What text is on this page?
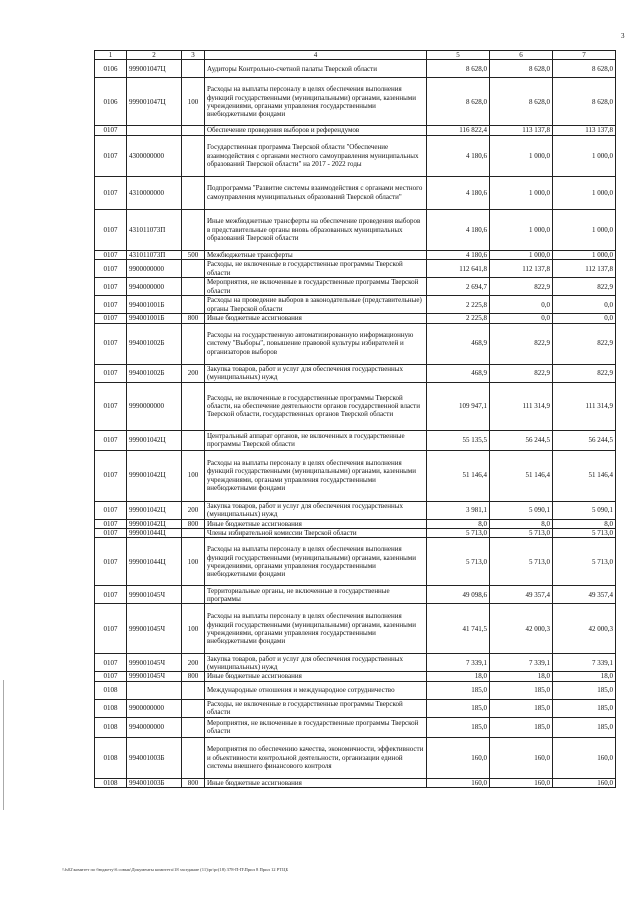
3
1	2	3	4	5	6	7
0106	999001047Ц		Аудиторы Контрольно-счетной палаты Тверской области	8 628,0	8 628,0	8 628,0
0106	999001047Ц	100	Расходы на выплаты персоналу в целях обеспечения выполнения функций государственными (муниципальными) органами, казенными учреждениями, органами управления государственными внебюджетными фондами	8 628,0	8 628,0	8 628,0
0107			Обеспечение проведения выборов и референдумов	116 822,4	113 137,8	113 137,8
0107	4300000000		Государственная программа Тверской области "Обеспечение взаимодействия с органами местного самоуправления муниципальных образований Тверской области" на 2017 - 2022 годы	4 180,6	1 000,0	1 000,0
0107	4310000000		Подпрограмма "Развитие системы взаимодействия с органами местного самоуправления муниципальных образований Тверской области"	4 180,6	1 000,0	1 000,0
0107	431011073П		Иные межбюджетные трансферты на обеспечение проведения выборов в представительные органы вновь образованных муниципальных образований Тверской области	4 180,6	1 000,0	1 000,0
0107	431011073П	500	Межбюджетные трансферты	4 180,6	1 000,0	1 000,0
0107	9900000000		Расходы, не включенные в государственные программы Тверской области	112 641,8	112 137,8	112 137,8
0107	9940000000		Мероприятия, не включенные в государственные программы Тверской области	2 694,7	822,9	822,9
0107	994001001Б		Расходы на проведение выборов в законодательные (представительные) органы Тверской области	2 225,8	0,0	0,0
0107	994001001Б	800	Иные бюджетные ассигнования	2 225,8	0,0	0,0
0107	994001002Б		Расходы на государственную автоматизированную информационную систему "Выборы", повышение правовой культуры избирателей и организаторов выборов	468,9	822,9	822,9
0107	994001002Б	200	Закупка товаров, работ и услуг для обеспечения государственных (муниципальных) нужд	468,9	822,9	822,9
0107	9990000000		Расходы, не включенные в государственные программы Тверской области, на обеспечение деятельности органов государственной власти Тверской области, государственных органов Тверской области	109 947,1	111 314,9	111 314,9
0107	999001042Ц		Центральный аппарат органов, не включенных в государственные программы Тверской области	55 135,5	56 244,5	56 244,5
0107	999001042Ц	100	Расходы на выплаты персоналу в целях обеспечения выполнения функций государственными (муниципальными) органами, казенными учреждениями, органами управления государственными внебюджетными фондами	51 146,4	51 146,4	51 146,4
0107	999001042Ц	200	Закупка товаров, работ и услуг для обеспечения государственных (муниципальных) нужд	3 981,1	5 090,1	5 090,1
0107	999001042Ц	800	Иные бюджетные ассигнования	8,0	8,0	8,0
0107	999001044Ц		Члены избирательной комиссии Тверской области	5 713,0	5 713,0	5 713,0
0107	999001044Ц	100	Расходы на выплаты персоналу в целях обеспечения выполнения функций государственными (муниципальными) органами, казенными учреждениями, органами управления государственными внебюджетными фондами	5 713,0	5 713,0	5 713,0
0107	999001045Ч		Территориальные органы, не включенные в государственные программы	49 098,6	49 357,4	49 357,4
0107	999001045Ч	100	Расходы на выплаты персоналу в целях обеспечения выполнения функций государственными (муниципальными) органами, казенными учреждениями, органами управления государственными внебюджетными фондами	41 741,5	42 000,3	42 000,3
0107	999001045Ч	200	Закупка товаров, работ и услуг для обеспечения государственных (муниципальных) нужд	7 339,1	7 339,1	7 339,1
0107	999001045Ч	800	Иные бюджетные ассигнования	18,0	18,0	18,0
0108			Международные отношения и международное сотрудничество	185,0	185,0	185,0
0108	9900000000		Расходы, не включенные в государственные программы Тверской области	185,0	185,0	185,0
0108	9940000000		Мероприятия, не включенные в государственные программы Тверской области	185,0	185,0	185,0
0108	994001003Б		Мероприятия по обеспечению качества, экономичности, эффективности и объективности контрольной деятельности, организации единой системы внешнего финансового контроля	160,0	160,0	160,0
0108	994001003Б	800	Иные бюджетные ассигнования	160,0	160,0	160,0
\\fs02\комитет по бюджету\б.совык\Документы комитета\18 заседание (11)\pr\pr(18) 378-П-П\Прил 8 Прил 12 РТЦБ
